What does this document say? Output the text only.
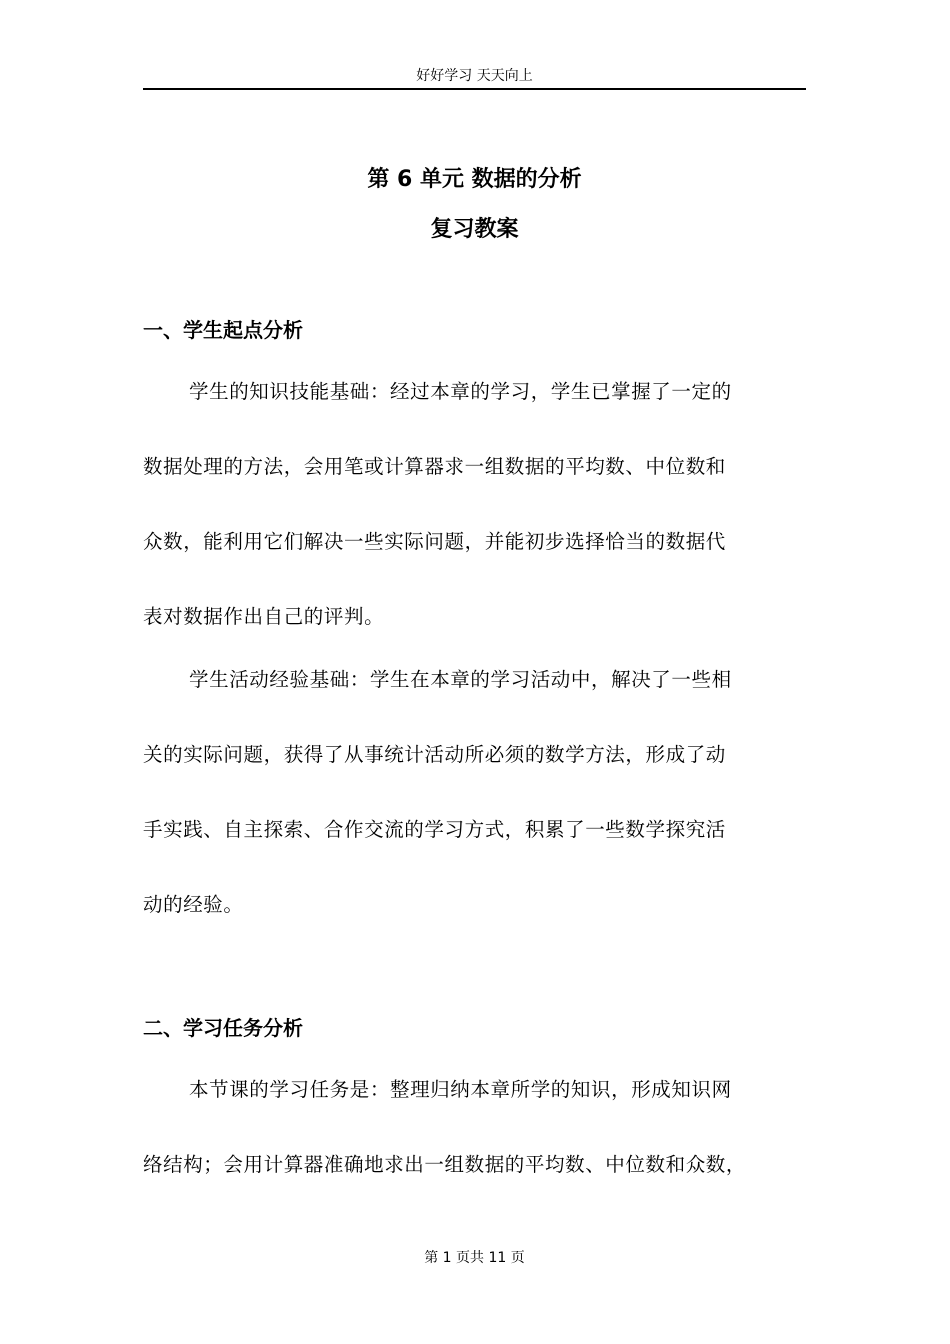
好好学习 天天向上
第 6 单元 数据的分析
复习教案
一、学生起点分析
学生的知识技能基础：经过本章的学习，学生已掌握了一定的
数据处理的方法，会用笔或计算器求一组数据的平均数、中位数和
众数，能利用它们解决一些实际问题，并能初步选择恰当的数据代
表对数据作出自己的评判。
学生活动经验基础：学生在本章的学习活动中，解决了一些相
关的实际问题，获得了从事统计活动所必须的数学方法，形成了动
手实践、自主探索、合作交流的学习方式，积累了一些数学探究活
动的经验。
二、学习任务分析
本节课的学习任务是：整理归纳本章所学的知识，形成知识网
络结构；会用计算器准确地求出一组数据的平均数、中位数和众数，
第 1 页共 11 页
